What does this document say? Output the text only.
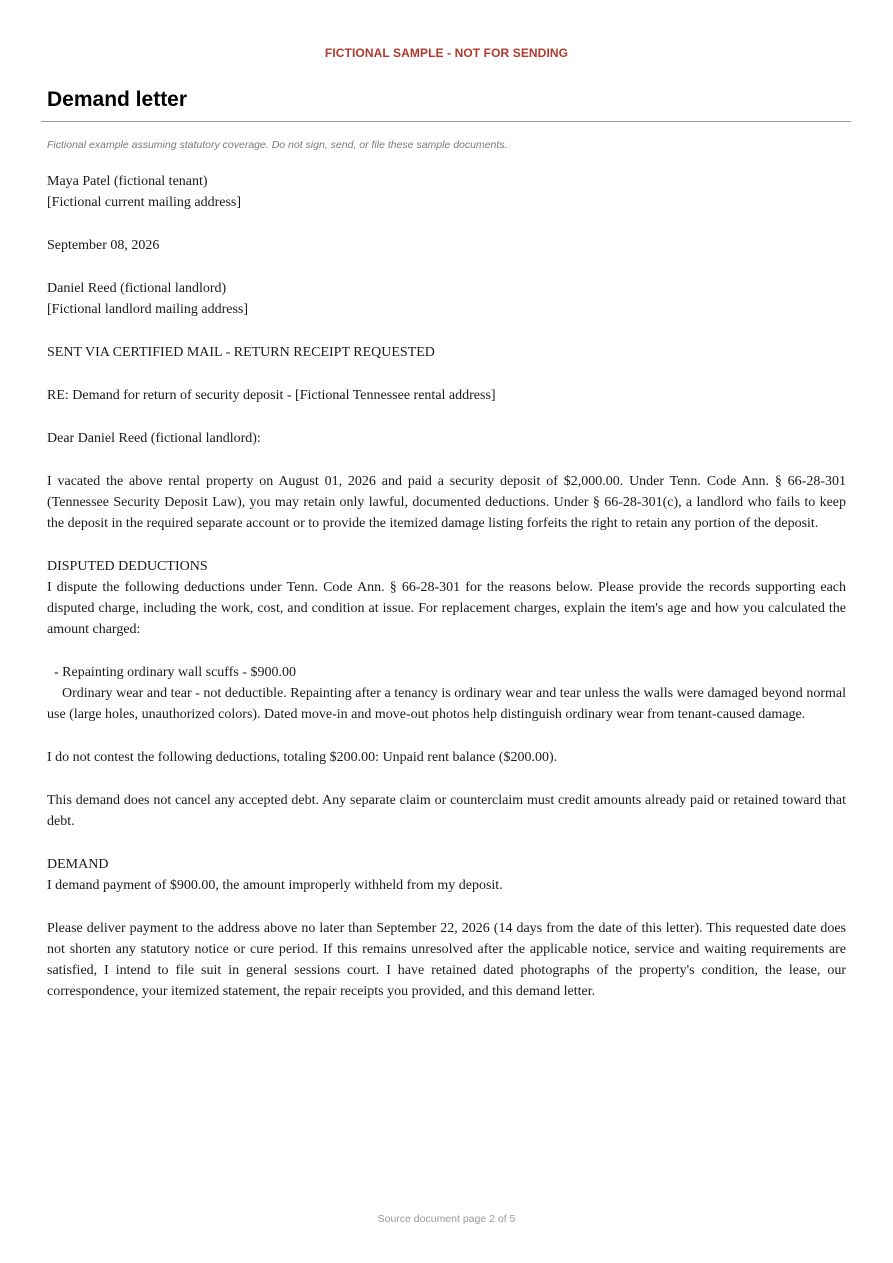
FICTIONAL SAMPLE - NOT FOR SENDING
Demand letter
Fictional example assuming statutory coverage. Do not sign, send, or file these sample documents.

Maya Patel (fictional tenant)
[Fictional current mailing address]

September 08, 2026

Daniel Reed (fictional landlord)
[Fictional landlord mailing address]

SENT VIA CERTIFIED MAIL - RETURN RECEIPT REQUESTED

RE: Demand for return of security deposit - [Fictional Tennessee rental address]

Dear Daniel Reed (fictional landlord):

I vacated the above rental property on August 01, 2026 and paid a security deposit of $2,000.00. Under Tenn. Code Ann. § 66-28-301 (Tennessee Security Deposit Law), you may retain only lawful, documented deductions. Under § 66-28-301(c), a landlord who fails to keep the deposit in the required separate account or to provide the itemized damage listing forfeits the right to retain any portion of the deposit.

DISPUTED DEDUCTIONS

I dispute the following deductions under Tenn. Code Ann. § 66-28-301 for the reasons below. Please provide the records supporting each disputed charge, including the work, cost, and condition at issue. For replacement charges, explain the item's age and how you calculated the amount charged:

- Repainting ordinary wall scuffs - $900.00
Ordinary wear and tear - not deductible. Repainting after a tenancy is ordinary wear and tear unless the walls were damaged beyond normal use (large holes, unauthorized colors). Dated move-in and move-out photos help distinguish ordinary wear from tenant-caused damage.

I do not contest the following deductions, totaling $200.00: Unpaid rent balance ($200.00).

This demand does not cancel any accepted debt. Any separate claim or counterclaim must credit amounts already paid or retained toward that debt.

DEMAND

I demand payment of $900.00, the amount improperly withheld from my deposit.

Please deliver payment to the address above no later than September 22, 2026 (14 days from the date of this letter). This requested date does not shorten any statutory notice or cure period. If this remains unresolved after the applicable notice, service and waiting requirements are satisfied, I intend to file suit in general sessions court. I have retained dated photographs of the property's condition, the lease, our correspondence, your itemized statement, the repair receipts you provided, and this demand letter.

Source document page 2 of 5
